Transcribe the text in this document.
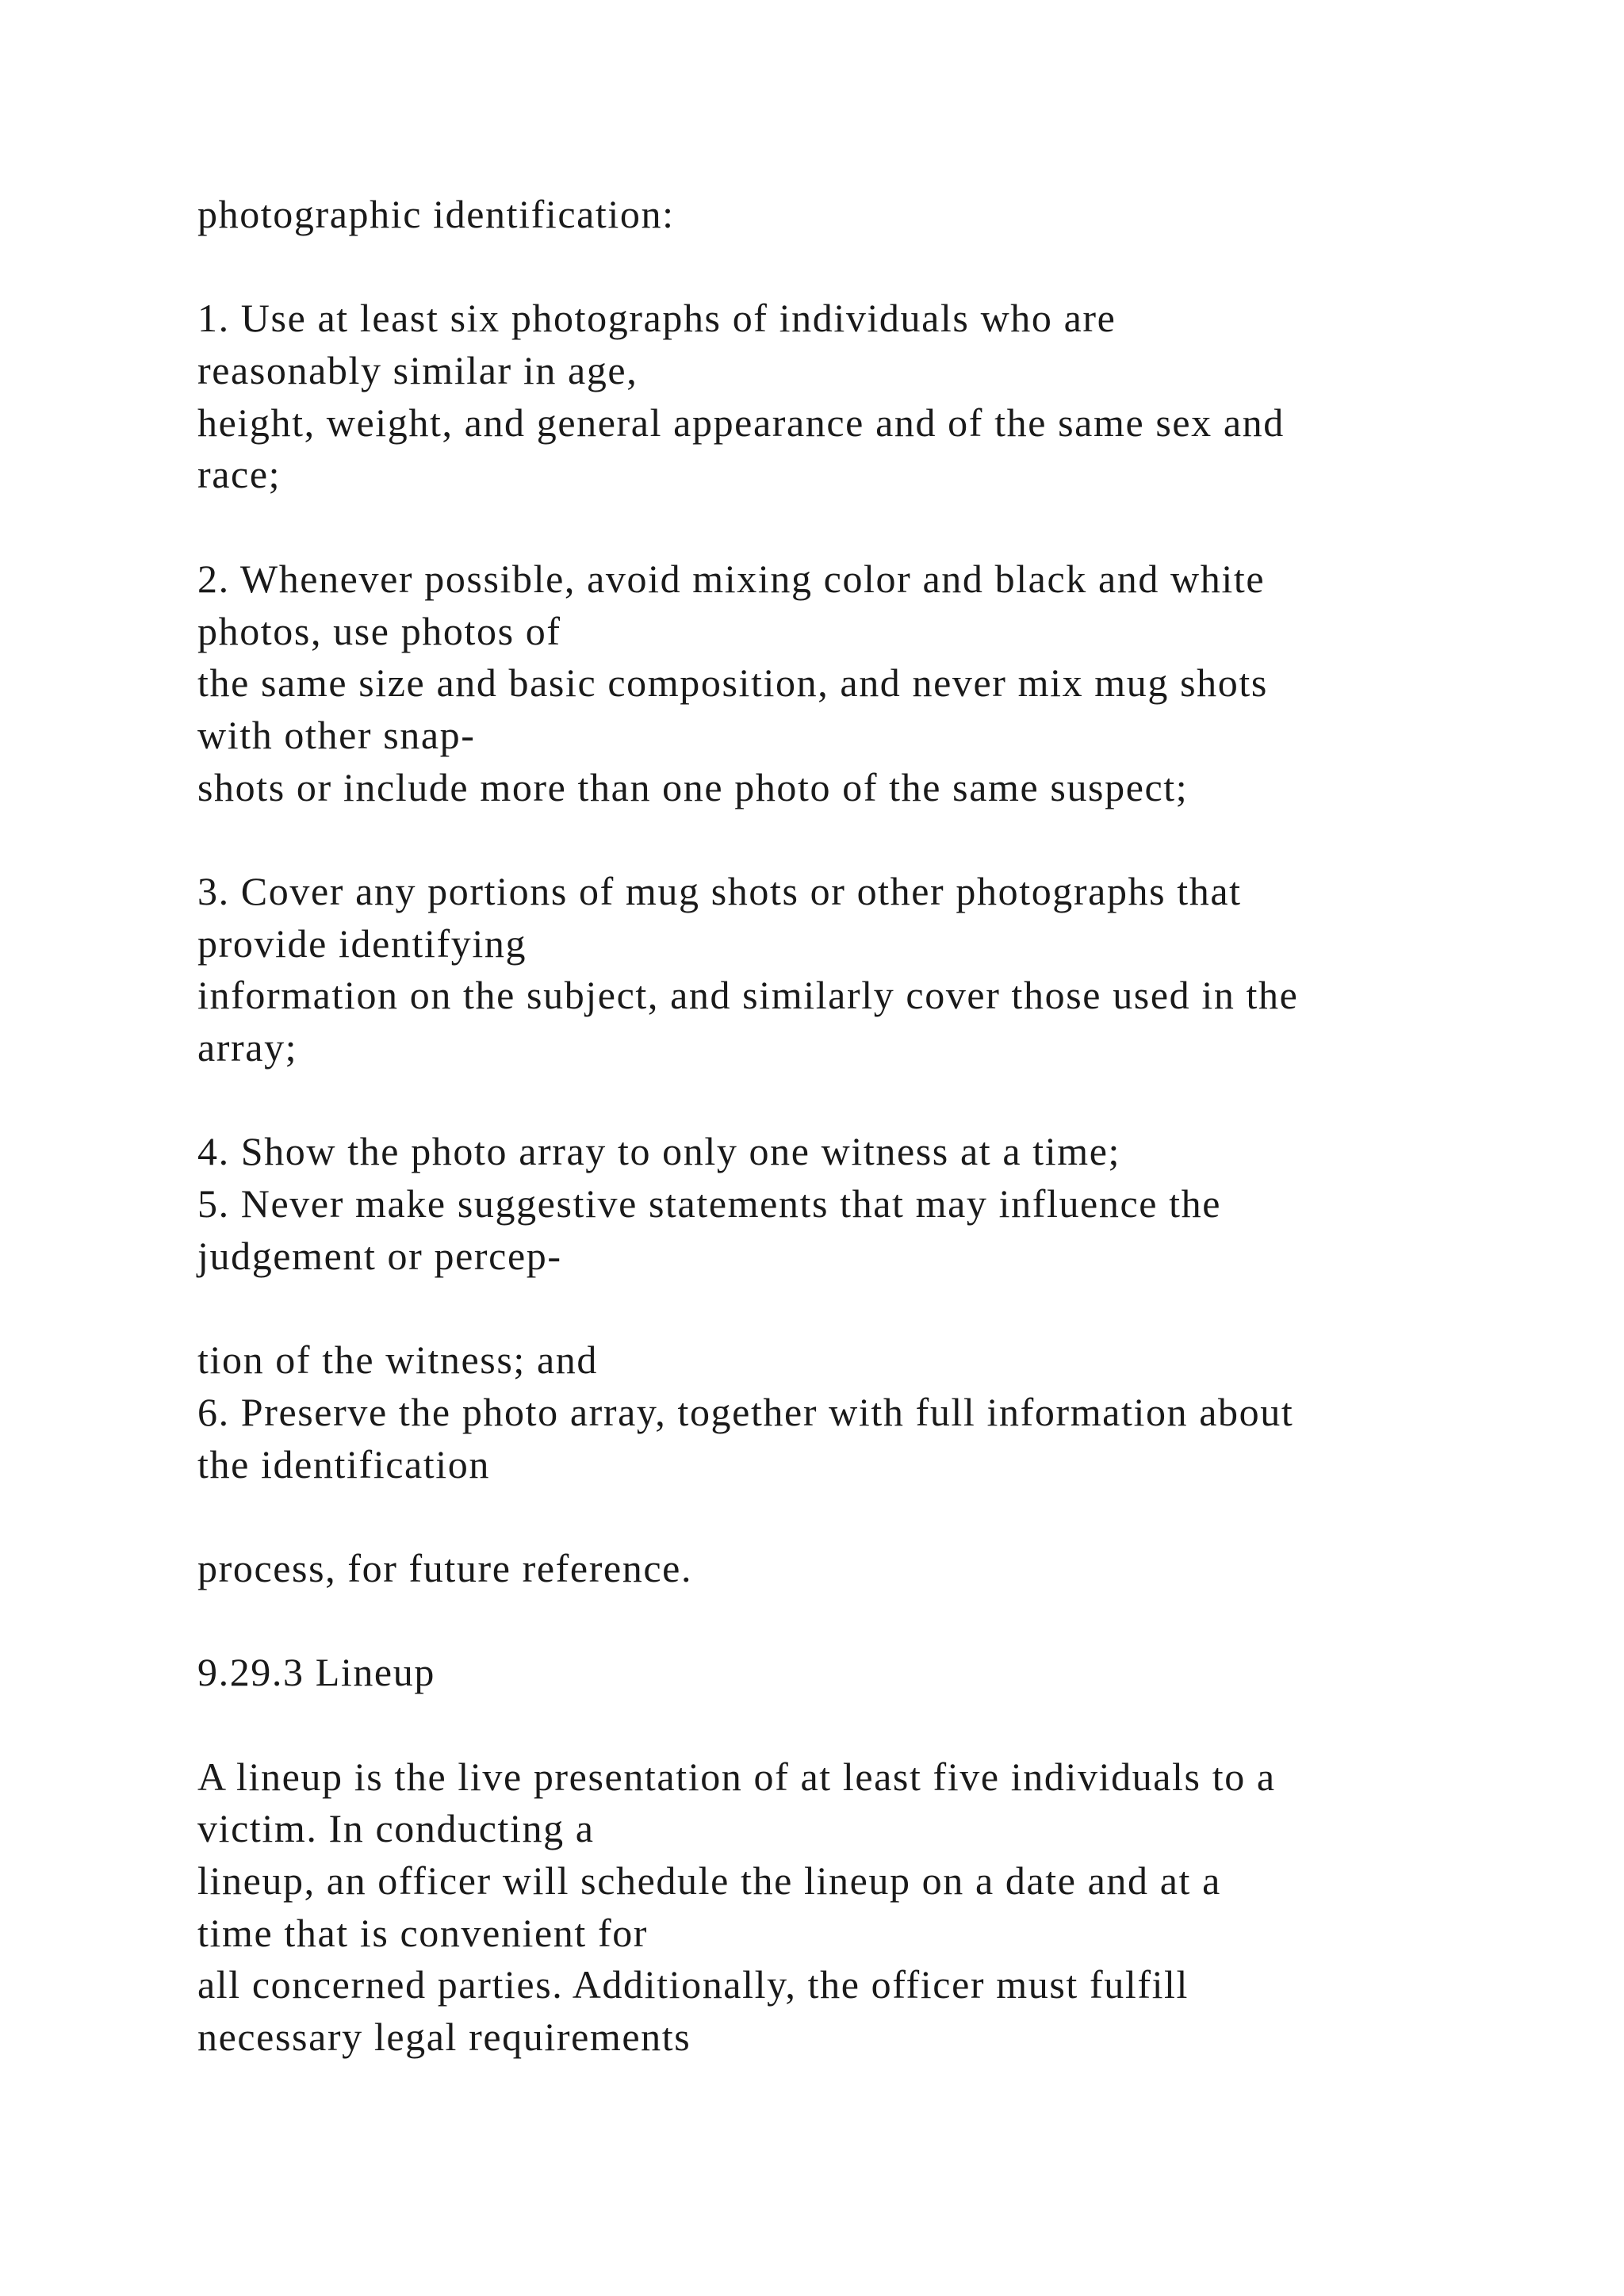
photographic identification:
1. Use at least six photographs of individuals who are
reasonably similar in age,
height, weight, and general appearance and of the same sex and
race;
2. Whenever possible, avoid mixing color and black and white
photos, use photos of
the same size and basic composition, and never mix mug shots
with other snap-
shots or include more than one photo of the same suspect;
3. Cover any portions of mug shots or other photographs that
provide identifying
information on the subject, and similarly cover those used in the
array;
4. Show the photo array to only one witness at a time;
5. Never make suggestive statements that may influence the
judgement or percep-
tion of the witness; and
6. Preserve the photo array, together with full information about
the identification
process, for future reference.
9.29.3 Lineup
A lineup is the live presentation of at least five individuals to a
victim. In conducting a
lineup, an officer will schedule the lineup on a date and at a
time that is convenient for
all concerned parties. Additionally, the officer must fulfill
necessary legal requirements
